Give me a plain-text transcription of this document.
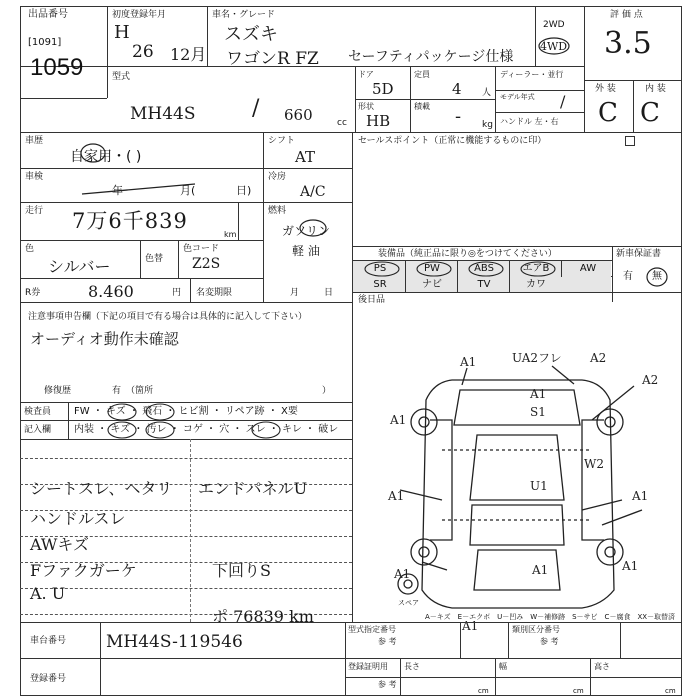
出品番号
[1091]
1059
初度登録年月
H
26 12月
車名・グレード
スズキ
ワゴンR FZ セーフティパッケージ仕様
2WD
4WD
評 価 点
3.5
外 装	内 装
C C
型式
MH44S	/ 660	cc
ドア
5D
定員
4 人
形状
HB
積載 ‑ kg
ディーラー・並行
モデル年式
ハンドル 左・右
/
車歴
自家用・( )
シフト
AT
セールスポイント（正常に機能するものに印）
車検
年	月(	日)
冷房
A/C
走行 7万6千839
km
燃料
ガソリン
軽 油
色
シルバー	色替
色コード
Z2S
装備品（純正品に限り◎をつけてください）	新車保証書
PS	PW	ABS	エアB	AW
SR	ナビ	TV	カワ
有 無
後日品
R券	8.460	円 名変期限	月	日
注意事項申告欄（下記の項目で有る場合は具体的に記入して下さい）
オーディオ動作未確認
修復歴	有 （箇所	）
検査員
記入欄
FW ・ キズ ・ 飛石 ・ ヒビ割 ・ リペア跡 ・ X要
内装 ・ キズ ・ 汚レ ・ コゲ ・ 穴 ・ スレ ・ キレ ・ 破レ
シートスレ、ヘタリ エンドパネルU
ハンドルスレ
AWキズ
Fファクガーケ	下回りS
A. U
ポ 76839 km
A1	UA2フレ A2
A1
A2
A1
S1
W2
A1
U1
A1
A1	A1
A1
A1
スペア
A－キズ　E－エクボ　U－凹み　W－補修跡　S－サビ　C－腐食　XX－取替済
車台番号 MH44S-119546
登録番号
型式指定番号
参 考
類別区分番号
参 考
登録証明用
参 考
長さ	幅	高さ
cm	cm	cm
